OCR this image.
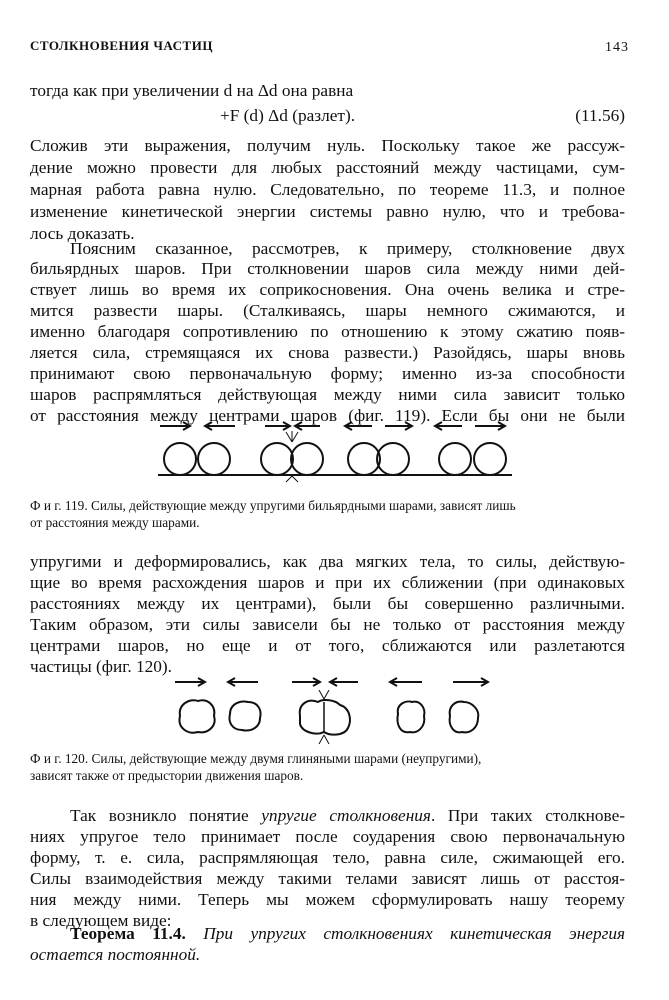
СТОЛКНОВЕНИЯ ЧАСТИЦ	143
тогда как при увеличении d на Δd она равна
+F (d) Δd (разлет).	(11.56)
Сложив эти выражения, получим нуль. Поскольку такое же рассуж-
дение можно провести для любых расстояний между частицами, сум-
марная работа равна нулю. Следовательно, по теореме 11.3, и полное
изменение кинетической энергии системы равно нулю, что и требова-
лось доказать.
Поясним сказанное, рассмотрев, к примеру, столкновение двух
бильярдных шаров. При столкновении шаров сила между ними дей-
ствует лишь во время их соприкосновения. Она очень велика и стре-
мится развести шары. (Сталкиваясь, шары немного сжимаются, и
именно благодаря сопротивлению по отношению к этому сжатию появ-
ляется сила, стремящаяся их снова развести.) Разойдясь, шары вновь
принимают свою первоначальную форму; именно из-за способности
шаров распрямляться действующая между ними сила зависит только
от расстояния между центрами шаров (фиг. 119). Если бы они не были
Ф и г. 119. Силы, действующие между упругими бильярдными шарами, зависят лишь
от расстояния между шарами.
упругими и деформировались, как два мягких тела, то силы, действую-
щие во время расхождения шаров и при их сближении (при одинаковых
расстояниях между их центрами), были бы совершенно различными.
Таким образом, эти силы зависели бы не только от расстояния между
центрами шаров, но еще и от того, сближаются или разлетаются
частицы (фиг. 120).
Ф и г. 120. Силы, действующие между двумя глиняными шарами (неупругими),
зависят также от предыстории движения шаров.
Так возникло понятие упругие столкновения. При таких столкнове-
ниях упругое тело принимает после соударения свою первоначальную
форму, т. е. сила, распрямляющая тело, равна силе, сжимающей его.
Силы взаимодействия между такими телами зависят лишь от расстоя-
ния между ними. Теперь мы можем сформулировать нашу теорему
в следующем виде:
Теорема 11.4. При упругих столкновениях кинетическая энергия
остается постоянной.
